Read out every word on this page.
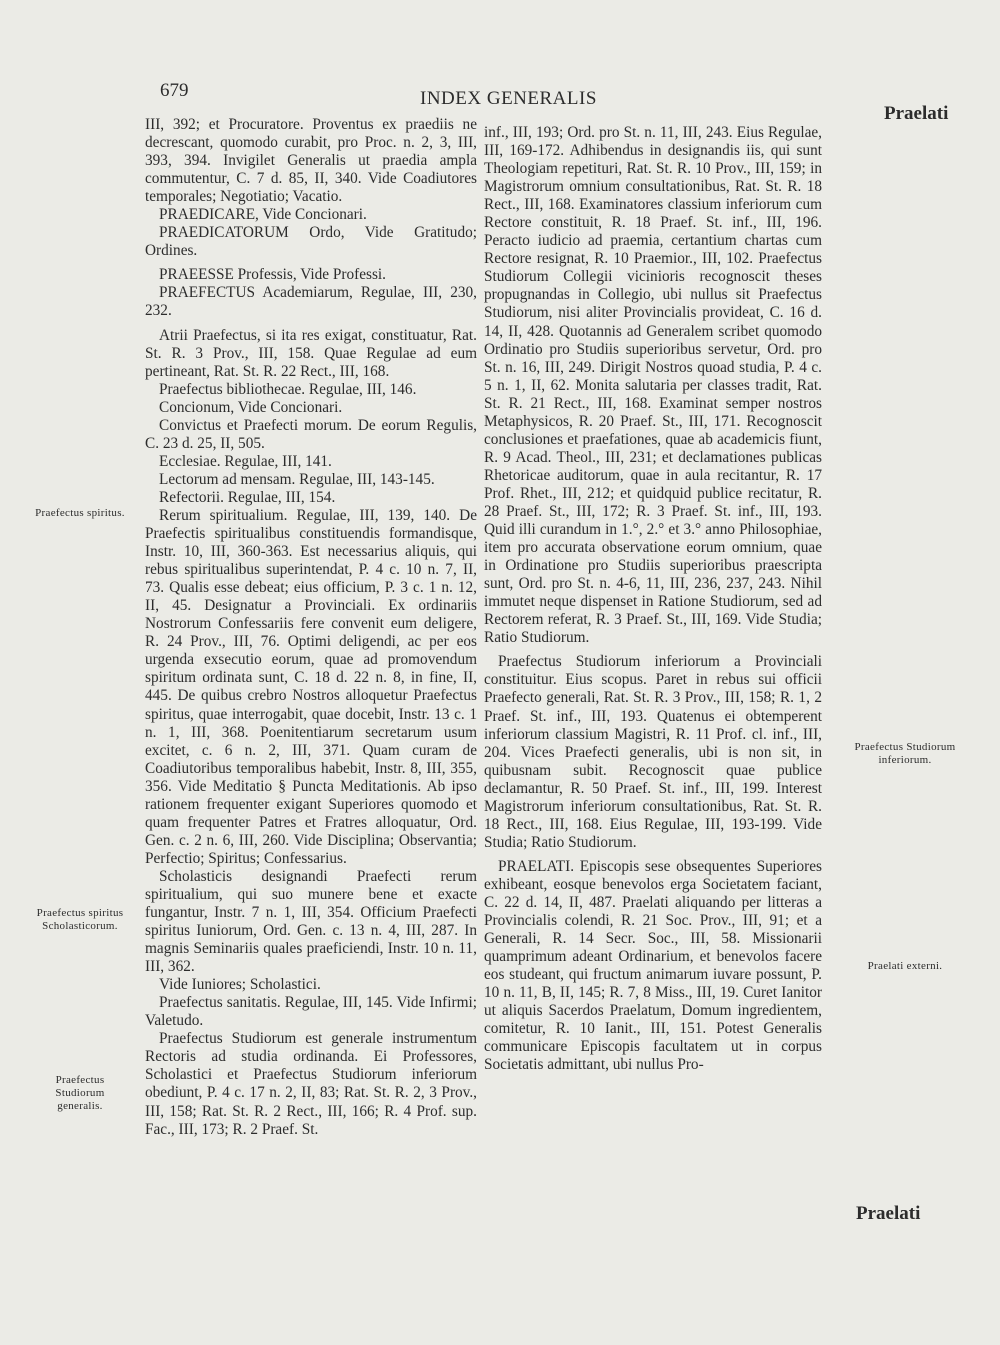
679	INDEX GENERALIS
Praelati
Praelati
Praefectus spiritus.
Praefectus spiritus Scholasticorum.
Praefectus Studiorum generalis.
Praefectus Studiorum inferiorum.
Praelati externi.

III, 392; et Procuratore. Proventus ex praediis ne decrescant, quomodo curabit, pro Proc. n. 2, 3, III, 393, 394. Invigilet Generalis ut praedia ampla commutentur, C. 7 d. 85, II, 340. Vide Coadiutores temporales; Negotiatio; Vacatio.

PRAEDICARE, Vide Concionari.

PRAEDICATORUM Ordo, Vide Gratitudo; Ordines.

PRAEESSE Professis, Vide Professi.

PRAEFECTUS Academiarum, Regulae, III, 230, 232.

Atrii Praefectus, si ita res exigat, constituatur, Rat. St. R. 3 Prov., III, 158. Quae Regulae ad eum pertineant, Rat. St. R. 22 Rect., III, 168.

Praefectus bibliothecae. Regulae, III, 146.

Concionum, Vide Concionari.

Convictus et Praefecti morum. De eorum Regulis, C. 23 d. 25, II, 505.

Ecclesiae. Regulae, III, 141.

Lectorum ad mensam. Regulae, III, 143-145.

Refectorii. Regulae, III, 154.

Rerum spiritualium. Regulae, III, 139, 140. De Praefectis spiritualibus constituendis formandisque, Instr. 10, III, 360-363. Est necessarius aliquis, qui rebus spiritualibus superintendat, P. 4 c. 10 n. 7, II, 73. Qualis esse debeat; eius officium, P. 3 c. 1 n. 12, II, 45. Designatur a Provinciali. Ex ordinariis Nostrorum Confessariis fere convenit eum deligere, R. 24 Prov., III, 76. Optimi deligendi, ac per eos urgenda exsecutio eorum, quae ad promovendum spiritum ordinata sunt, C. 18 d. 22 n. 8, in fine, II, 445. De quibus crebro Nostros alloquetur Praefectus spiritus, quae interrogabit, quae docebit, Instr. 13 c. 1 n. 1, III, 368. Poenitentiarum secretarum usum excitet, c. 6 n. 2, III, 371. Quam curam de Coadiutoribus temporalibus habebit, Instr. 8, III, 355, 356. Vide Meditatio § Puncta Meditationis. Ab ipso rationem frequenter exigant Superiores quomodo et quam frequenter Patres et Fratres alloquatur, Ord. Gen. c. 2 n. 6, III, 260. Vide Disciplina; Observantia; Perfectio; Spiritus; Confessarius.

Scholasticis designandi Praefecti rerum spiritualium, qui suo munere bene et exacte fungantur, Instr. 7 n. 1, III, 354. Officium Praefecti spiritus Iuniorum, Ord. Gen. c. 13 n. 4, III, 287. In magnis Seminariis quales praeficiendi, Instr. 10 n. 11, III, 362.

Vide Iuniores; Scholastici.

Praefectus sanitatis. Regulae, III, 145. Vide Infirmi; Valetudo.

Praefectus Studiorum est generale instrumentum Rectoris ad studia ordinanda. Ei Professores, Scholastici et Praefectus Studiorum inferiorum obediunt, P. 4 c. 17 n. 2, II, 83; Rat. St. R. 2, 3 Prov., III, 158; Rat. St. R. 2 Rect., III, 166; R. 4 Prof. sup. Fac., III, 173; R. 2 Praef. St.

inf., III, 193; Ord. pro St. n. 11, III, 243. Eius Regulae, III, 169-172. Adhibendus in designandis iis, qui sunt Theologiam repetituri, Rat. St. R. 10 Prov., III, 159; in Magistrorum omnium consultationibus, Rat. St. R. 18 Rect., III, 168. Examinatores classium inferiorum cum Rectore constituit, R. 18 Praef. St. inf., III, 196. Peracto iudicio ad praemia, certantium chartas cum Rectore resignat, R. 10 Praemior., III, 102. Praefectus Studiorum Collegii vicinioris recognoscit theses propugnandas in Collegio, ubi nullus sit Praefectus Studiorum, nisi aliter Provincialis provideat, C. 16 d. 14, II, 428. Quotannis ad Generalem scribet quomodo Ordinatio pro Studiis superioribus servetur, Ord. pro St. n. 16, III, 249. Dirigit Nostros quoad studia, P. 4 c. 5 n. 1, II, 62. Monita salutaria per classes tradit, Rat. St. R. 21 Rect., III, 168. Examinat semper nostros Metaphysicos, R. 20 Praef. St., III, 171. Recognoscit conclusiones et praefationes, quae ab academicis fiunt, R. 9 Acad. Theol., III, 231; et declamationes publicas Rhetoricae auditorum, quae in aula recitantur, R. 17 Prof. Rhet., III, 212; et quidquid publice recitatur, R. 28 Praef. St., III, 172; R. 3 Praef. St. inf., III, 193. Quid illi curandum in 1.°, 2.° et 3.° anno Philosophiae, item pro accurata observatione eorum omnium, quae in Ordinatione pro Studiis superioribus praescripta sunt, Ord. pro St. n. 4-6, 11, III, 236, 237, 243. Nihil immutet neque dispenset in Ratione Studiorum, sed ad Rectorem referat, R. 3 Praef. St., III, 169. Vide Studia; Ratio Studiorum.

Praefectus Studiorum inferiorum a Provinciali constituitur. Eius scopus. Paret in rebus sui officii Praefecto generali, Rat. St. R. 3 Prov., III, 158; R. 1, 2 Praef. St. inf., III, 193. Quatenus ei obtemperent inferiorum classium Magistri, R. 11 Prof. cl. inf., III, 204. Vices Praefecti generalis, ubi is non sit, in quibusnam subit. Recognoscit quae publice declamantur, R. 50 Praef. St. inf., III, 199. Interest Magistrorum inferiorum consultationibus, Rat. St. R. 18 Rect., III, 168. Eius Regulae, III, 193-199. Vide Studia; Ratio Studiorum.

PRAELATI. Episcopis sese obsequentes Superiores exhibeant, eosque benevolos erga Societatem faciant, C. 22 d. 14, II, 487. Praelati aliquando per litteras a Provincialis colendi, R. 21 Soc. Prov., III, 91; et a Generali, R. 14 Secr. Soc., III, 58. Missionarii quamprimum adeant Ordinarium, et benevolos facere eos studeant, qui fructum animarum iuvare possunt, P. 10 n. 11, B, II, 145; R. 7, 8 Miss., III, 19. Curet Ianitor ut aliquis Sacerdos Praelatum, Domum ingredientem, comitetur, R. 10 Ianit., III, 151. Potest Generalis communicare Episcopis facultatem ut in corpus Societatis admittant, ubi nullus Pro-
